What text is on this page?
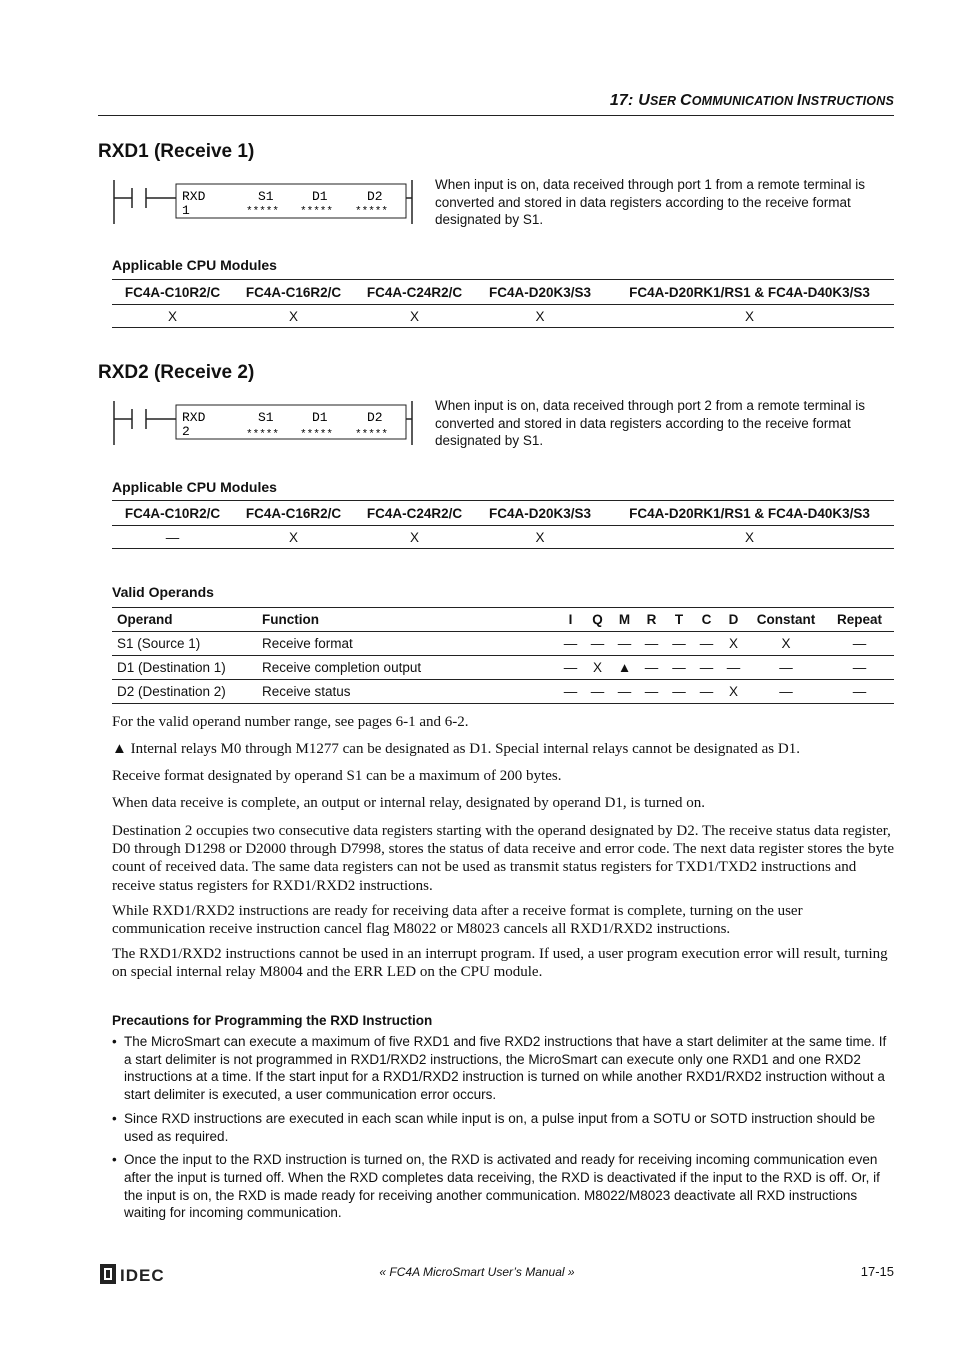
17: USER COMMUNICATION INSTRUCTIONS
RXD1 (Receive 1)
RXD
1
S1	D1	D2
***** ***** *****
When input is on, data received through port 1 from a remote terminal is converted and stored in data registers according to the receive format designated by S1.
Applicable CPU Modules
FC4A-C10R2/C	FC4A-C16R2/C	FC4A-C24R2/C	FC4A-D20K3/S3	FC4A-D20RK1/RS1 & FC4A-D40K3/S3
X	X	X	X	X
RXD2 (Receive 2)
RXD
2
S1	D1	D2
***** ***** *****
When input is on, data received through port 2 from a remote terminal is converted and stored in data registers according to the receive format designated by S1.
Applicable CPU Modules
FC4A-C10R2/C	FC4A-C16R2/C	FC4A-C24R2/C	FC4A-D20K3/S3	FC4A-D20RK1/RS1 & FC4A-D40K3/S3
—	X	X	X	X
Valid Operands
Operand	Function	I	Q	M	R	T	C	D	Constant	Repeat
S1 (Source 1)	Receive format	—	—	—	—	—	—	X	X	—
D1 (Destination 1)	Receive completion output	—	X	▲	—	—	—	—	—	—
D2 (Destination 2)	Receive status	—	—	—	—	—	—	X	—	—
For the valid operand number range, see pages 6-1 and 6-2.
▲ Internal relays M0 through M1277 can be designated as D1. Special internal relays cannot be designated as D1.
Receive format designated by operand S1 can be a maximum of 200 bytes.
When data receive is complete, an output or internal relay, designated by operand D1, is turned on.
Destination 2 occupies two consecutive data registers starting with the operand designated by D2. The receive status data register, D0 through D1298 or D2000 through D7998, stores the status of data receive and error code. The next data register stores the byte count of received data. The same data registers can not be used as transmit status registers for TXD1/TXD2 instructions and receive status registers for RXD1/RXD2 instructions.
While RXD1/RXD2 instructions are ready for receiving data after a receive format is complete, turning on the user communication receive instruction cancel flag M8022 or M8023 cancels all RXD1/RXD2 instructions.
The RXD1/RXD2 instructions cannot be used in an interrupt program. If used, a user program execution error will result, turning on special internal relay M8004 and the ERR LED on the CPU module.
Precautions for Programming the RXD Instruction
• The MicroSmart can execute a maximum of five RXD1 and five RXD2 instructions that have a start delimiter at the same time. If a start delimiter is not programmed in RXD1/RXD2 instructions, the MicroSmart can execute only one RXD1 and one RXD2 instructions at a time. If the start input for a RXD1/RXD2 instruction is turned on while another RXD1/RXD2 instruction without a start delimiter is executed, a user communication error occurs.
• Since RXD instructions are executed in each scan while input is on, a pulse input from a SOTU or SOTD instruction should be used as required.
• Once the input to the RXD instruction is turned on, the RXD is activated and ready for receiving incoming communication even after the input is turned off. When the RXD completes data receiving, the RXD is deactivated if the input to the RXD is off. Or, if the input is on, the RXD is made ready for receiving another communication. M8022/M8023 deactivate all RXD instructions waiting for incoming communication.
IDEC	« FC4A MicroSmart User’s Manual »	17-15
